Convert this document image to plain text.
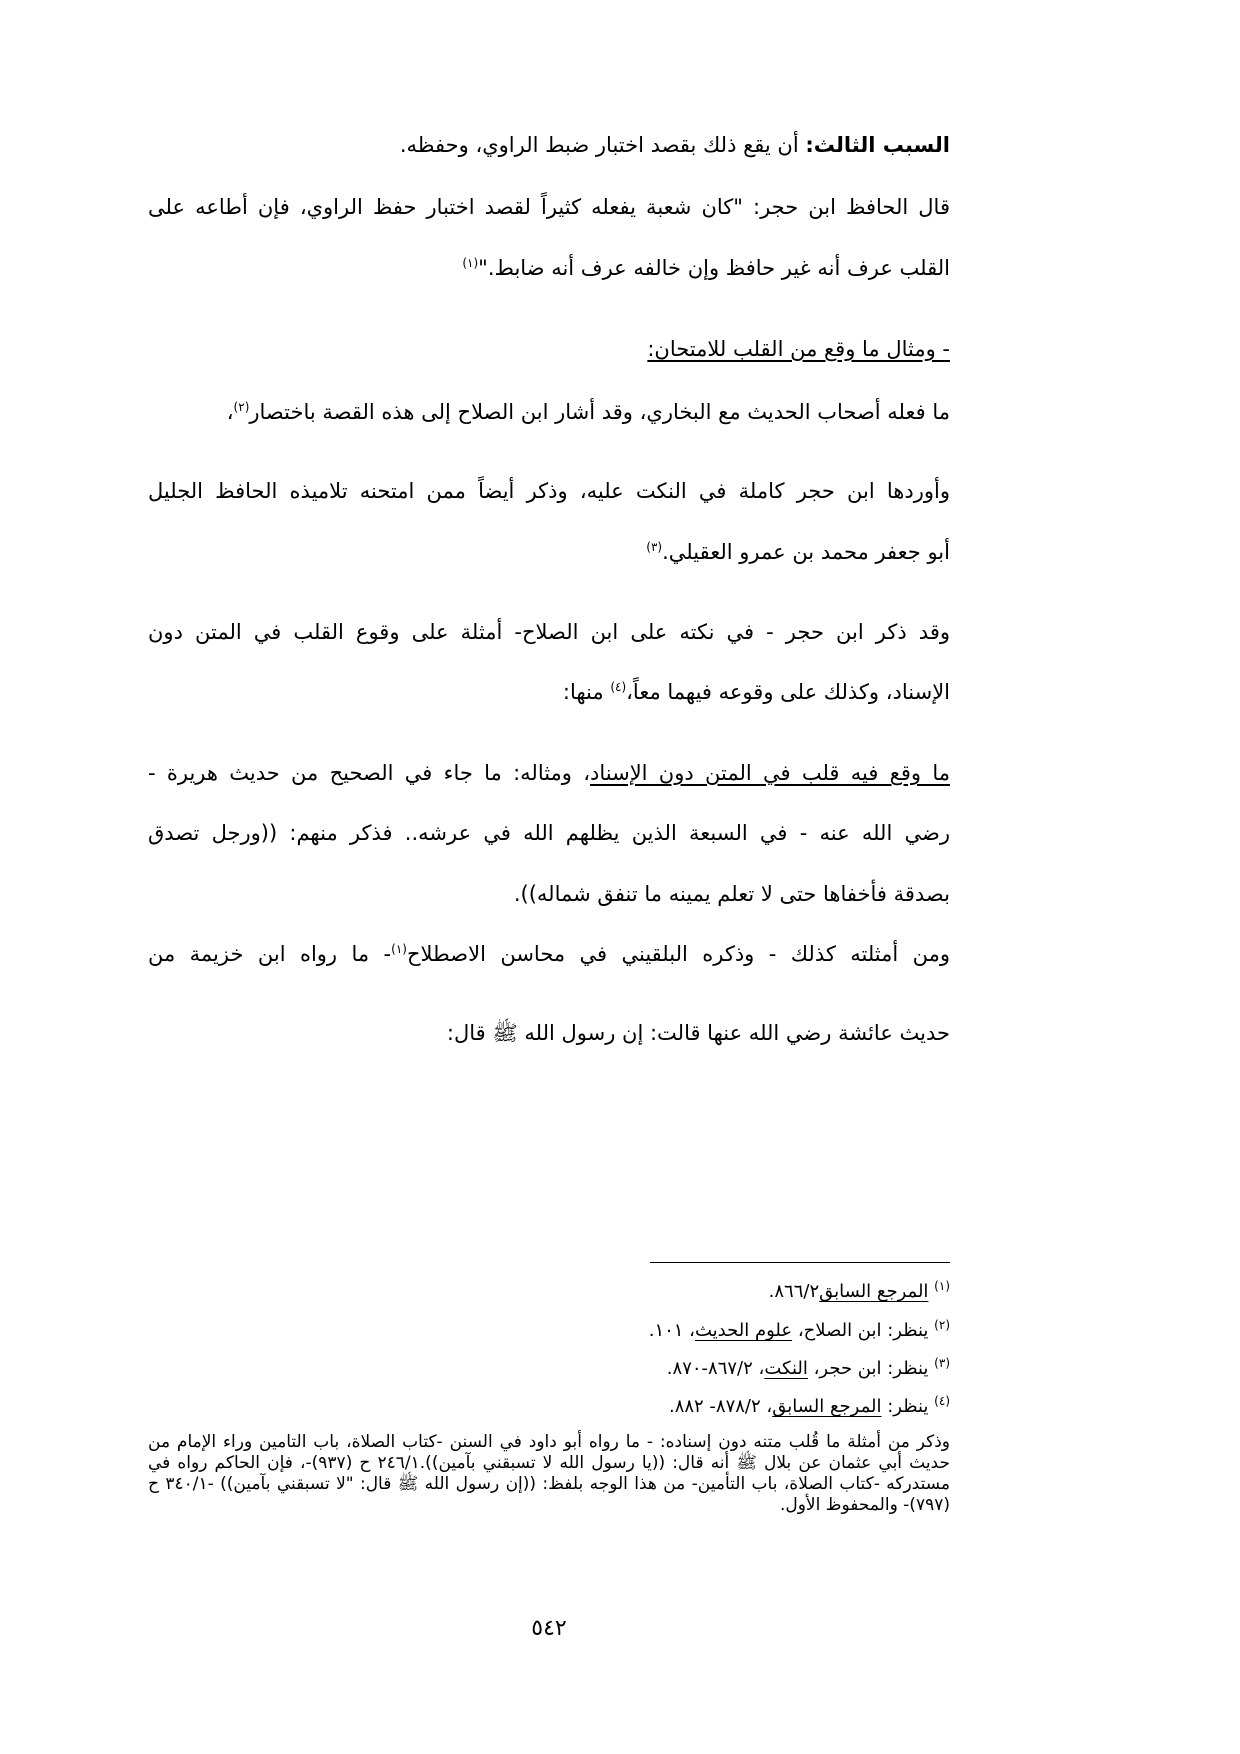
السبب الثالث: أن يقع ذلك بقصد اختبار ضبط الراوي، وحفظه.
قال الحافظ ابن حجر: "كان شعبة يفعله كثيراً لقصد اختبار حفظ الراوي، فإن أطاعه على
القلب عرف أنه غير حافظ وإن خالفه عرف أنه ضابط."$^{(١)}$
- ومثال ما وقع من القلب للامتحان:
ما فعله أصحاب الحديث مع البخاري، وقد أشار ابن الصلاح إلى هذه القصة باختصار$^{(٢)}$،
وأوردها ابن حجر كاملة في النكت عليه، وذكر أيضاً ممن امتحنه تلاميذه الحافظ الجليل
أبو جعفر محمد بن عمرو العقيلي.$^{(٣)}$
وقد ذكر ابن حجر - في نكته على ابن الصلاح- أمثلة على وقوع القلب في المتن دون
الإسناد، وكذلك على وقوعه فيهما معاً،$^{(٤)}$ منها:
ما وقع فيه قلب في المتن دون الإسناد، ومثاله: ما جاء في الصحيح من حديث هريرة -
رضي الله عنه - في السبعة الذين يظلهم الله في عرشه.. فذكر منهم: ((ورجل تصدق
بصدقة فأخفاها حتى لا تعلم يمينه ما تنفق شماله)).
ومن أمثلته كذلك - وذكره البلقيني في محاسن الاصطلاح$^{(١)}$- ما رواه ابن خزيمة من
حديث عائشة رضي الله عنها قالت: إن رسول الله ﷺ قال:
$^{(١)}$ المرجع السابق٨٦٦/٢.
$^{(٢)}$ ينظر: ابن الصلاح، علوم الحديث، ١٠١.
$^{(٣)}$ ينظر: ابن حجر، النكت، ٨٦٧/٢-٨٧٠.
$^{(٤)}$ ينظر: المرجع السابق، ٨٧٨/٢- ٨٨٢.
وذكر من أمثلة ما قُلب متنه دون إسناده: - ما رواه أبو داود في السنن -كتاب الصلاة، باب التامين وراء الإمام من حديث أبي عثمان عن بلال ﷺ أنه قال: ((يا رسول الله لا تسبقني بآمين)).٢٤٦/١ ح (٩٣٧)-، فإن الحاكم رواه في مستدركه -كتاب الصلاة، باب التأمين- من هذا الوجه بلفظ: ((إن رسول الله ﷺ قال: "لا تسبقني بآمين)) -٣٤٠/١ ح (٧٩٧)- والمحفوظ الأول.
٥٤٢
